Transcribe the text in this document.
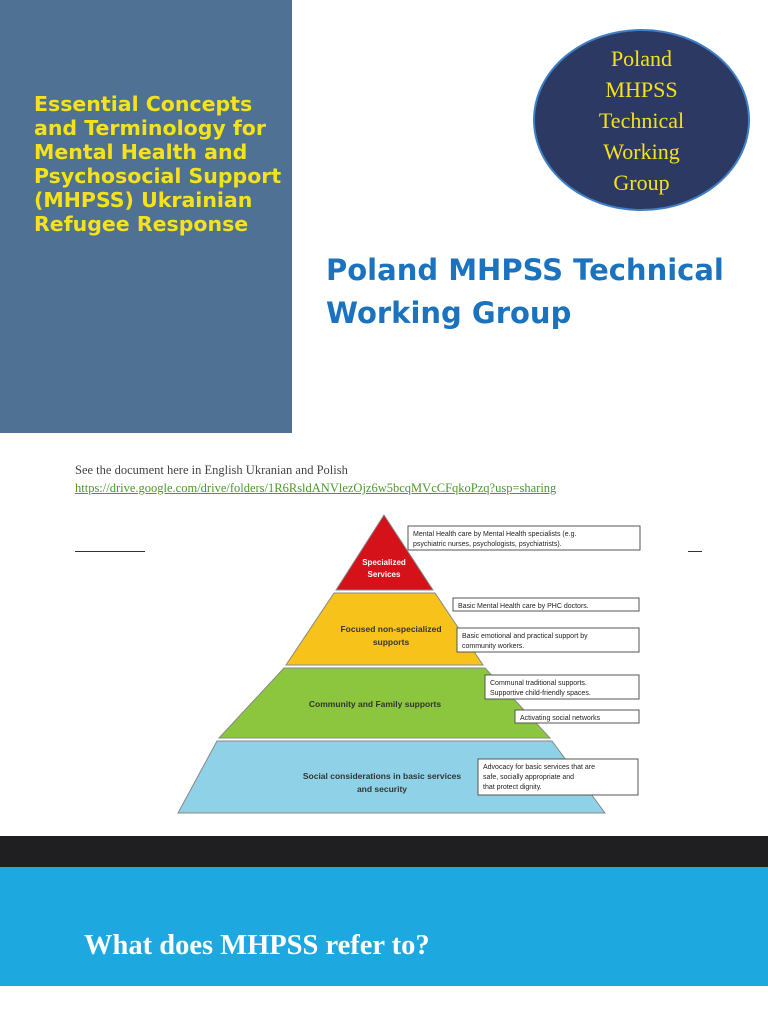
Essential Concepts and Terminology for Mental Health and Psychosocial Support (MHPSS) Ukrainian Refugee Response

Poland MHPSS Technical Working Group

Poland MHPSS Technical Working Group

See the document here in English Ukranian and Polish

https://drive.google.com/drive/folders/1R6RsldANVlezOjz6w5bcqMVcCFqkoPzq?usp=sharing
Specialized
Services
Focused non-specialized
supports
Community and Family supports
Social considerations in basic services
and security
Mental Health care by Mental Health specialists (e.g.
psychiatric nurses, psychologists, psychiatrists).
Basic Mental Health care by PHC doctors.
Basic emotional and practical support by
community workers.
Communal traditional supports.
Supportive child-friendly spaces.
Activating social networks
Advocacy for basic services that are
safe, socially appropriate and
that protect dignity.

What does MHPSS refer to?
